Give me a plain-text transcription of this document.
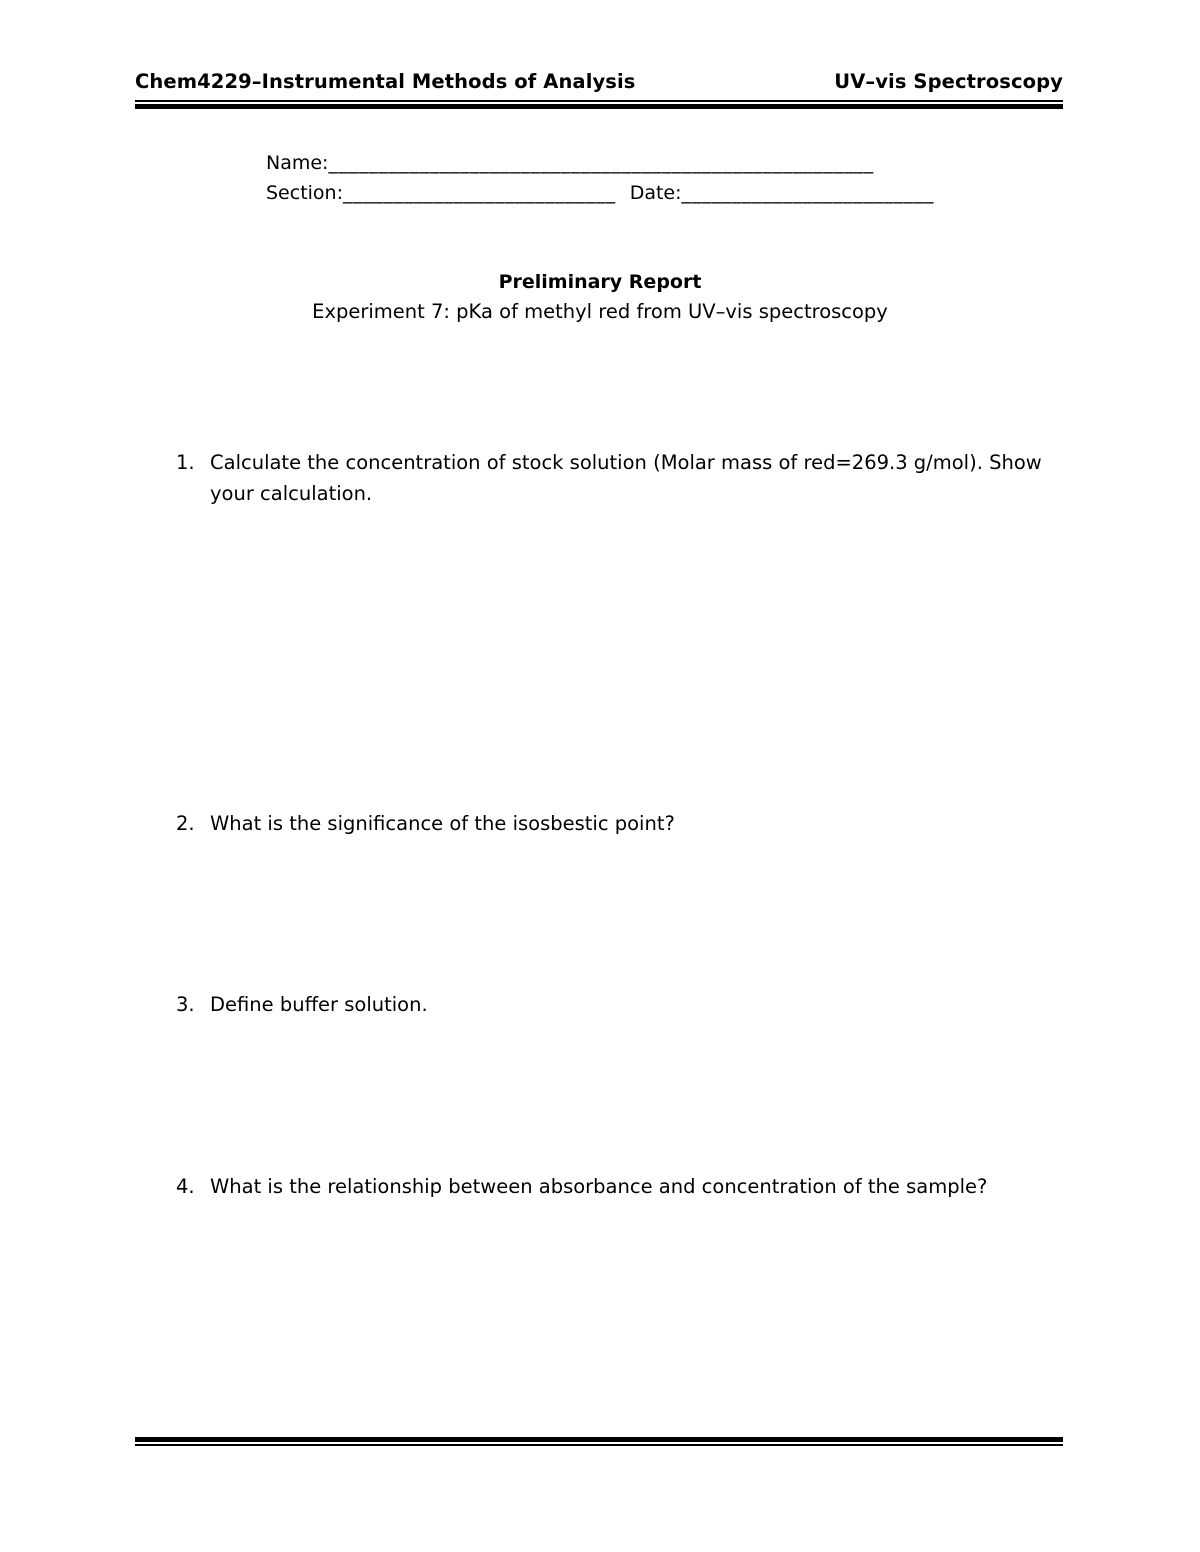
Chem4229–Instrumental Methods of Analysis	UV–vis Spectroscopy
Name:______________________________________________________
Section:___________________________ Date:_________________________
Preliminary Report
Experiment 7: pKa of methyl red from UV–vis spectroscopy
1. Calculate the concentration of stock solution (Molar mass of red=269.3 g/mol). Show your calculation.
2. What is the significance of the isosbestic point?
3. Define buffer solution.
4. What is the relationship between absorbance and concentration of the sample?
